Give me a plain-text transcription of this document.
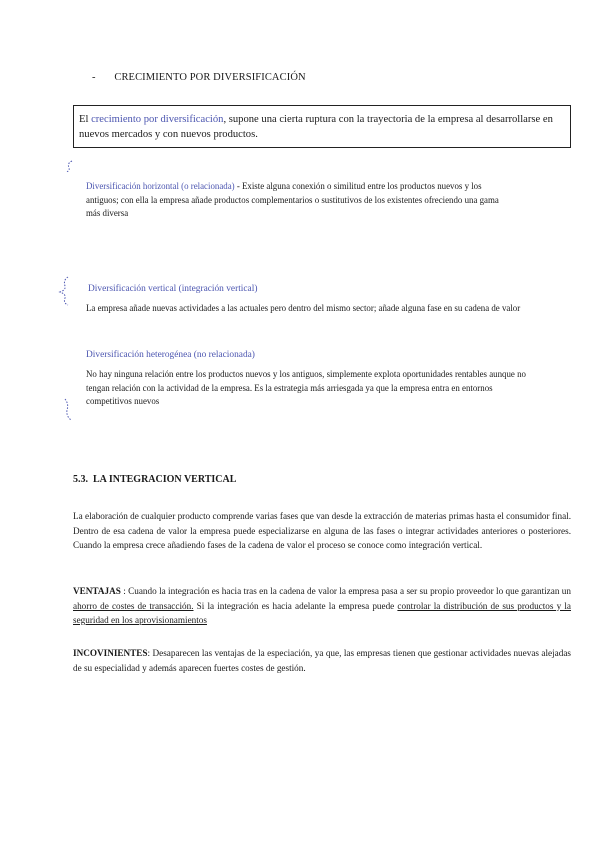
- CRECIMIENTO POR DIVERSIFICACIÓN
El crecimiento por diversificación, supone una cierta ruptura con la trayectoria de la empresa al desarrollarse en nuevos mercados y con nuevos productos.
Diversificación horizontal (o relacionada) - Existe alguna conexión o similitud entre los productos nuevos y los antiguos; con ella la empresa añade productos complementarios o sustitutivos de los existentes ofreciendo una gama más diversa
Diversificación vertical (integración vertical)
La empresa añade nuevas actividades a las actuales pero dentro del mismo sector; añade alguna fase en su cadena de valor
Diversificación heterogénea (no relacionada)
No hay ninguna relación entre los productos nuevos y los antiguos, simplemente explota oportunidades rentables aunque no tengan relación con la actividad de la empresa. Es la estrategia más arriesgada ya que la empresa entra en entornos competitivos nuevos
5.3. LA INTEGRACION VERTICAL
La elaboración de cualquier producto comprende varias fases que van desde la extracción de materias primas hasta el consumidor final. Dentro de esa cadena de valor la empresa puede especializarse en alguna de las fases o integrar actividades anteriores o posteriores. Cuando la empresa crece añadiendo fases de la cadena de valor el proceso se conoce como integración vertical.
VENTAJAS : Cuando la integración es hacia tras en la cadena de valor la empresa pasa a ser su propio proveedor lo que garantizan un ahorro de costes de transacción. Si la integración es hacia adelante la empresa puede controlar la distribución de sus productos y la seguridad en los aprovisionamientos
INCOVINIENTES: Desaparecen las ventajas de la especiación, ya que, las empresas tienen que gestionar actividades nuevas alejadas de su especialidad y además aparecen fuertes costes de gestión.
